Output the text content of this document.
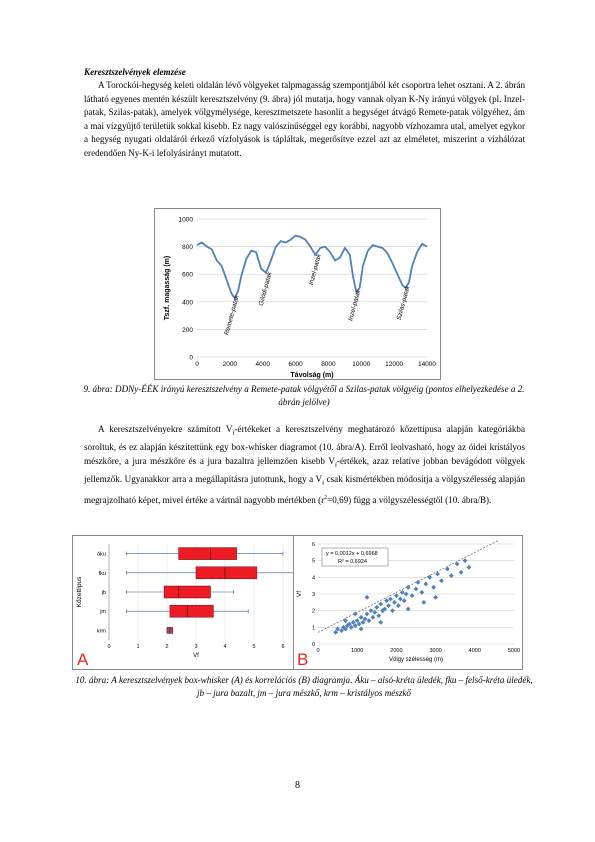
Keresztszelvények elemzése

A Torockói-hegység keleti oldalán lévő völgyeket talpmagasság szempontjából két csoportra lehet osztani. A 2. ábrán látható egyenes mentén készült keresztszelvény (9. ábra) jól mutatja, hogy vannak olyan K-Ny irányú völgyek (pl. Inzel-patak, Szilas-patak), amelyek völgymélysége, keresztmetszete hasonlít a hegységet átvágó Remete-patak völgyéhez, ám a mai vízgyűjtő területük sokkal kisebb. Ez nagy valószínűséggel egy korábbi, nagyobb vízhozamra utal, amelyet egykor a hegység nyugati oldaláról érkező vízfolyások is tápláltak, megerősítve ezzel azt az elméletet, miszerint a vízhálózat eredendően Ny-K-i lefolyásirányt mutatott.

0
200
400
600
800
1000
0	2000	4000	6000	8000	10000 12000 14000
Távolság (m)
Tszf. magasság (m)	Remete-patak
Gilódi-patak
Inzel-patak
Inzel-patak	Szilas-patak

9. ábra: DDNy-ÉÉK irányú keresztszelvény a Remete-patak völgyétől a Szilas-patak völgyéig (pontos elhelyezkedése a 2. ábrán jelölve)

A keresztszelvényekre számított $V_f$-értékeket a keresztszelvény meghatározó kőzettípusa alapján kategóriákba soroltuk, és ez alapján készítettünk egy box-whisker diagramot (10. ábra/A). Erről leolvasható, hogy az óidei kristályos mészkőre, a jura mészkőre és a jura bazaltra jellemzően kisebb $V_f$-értékek, azaz relatíve jobban bevágódott völgyek jellemzők. Ugyanakkor arra a megállapításra jutottunk, hogy a $V_f$ csak kismértékben módosítja a völgyszélesség alapján megrajzolható képet, mivel értéke a vártnál nagyobb mértékben $(r^2=0,69)$ függ a völgyszélességtől (10. ábra/B).

0	1	2	3	4	5	6
áku
fku
jb
jm
krm
Vf
Kőzettípus
A
0
1
2
3
4
5
6
0	1000	2000	3000	4000	5000
y = 0,0012x + 0,6968
R² = 0,6924
Völgy szélesség (m)
Vf
B

10. ábra: A keresztszelvények box-whisker (A) és korrelációs (B) diagramja. Áku – alsó-kréta üledék, fku – felső-kréta üledék, jb – jura bazalt, jm – jura mészkő, krm – kristályos mészkő

8
